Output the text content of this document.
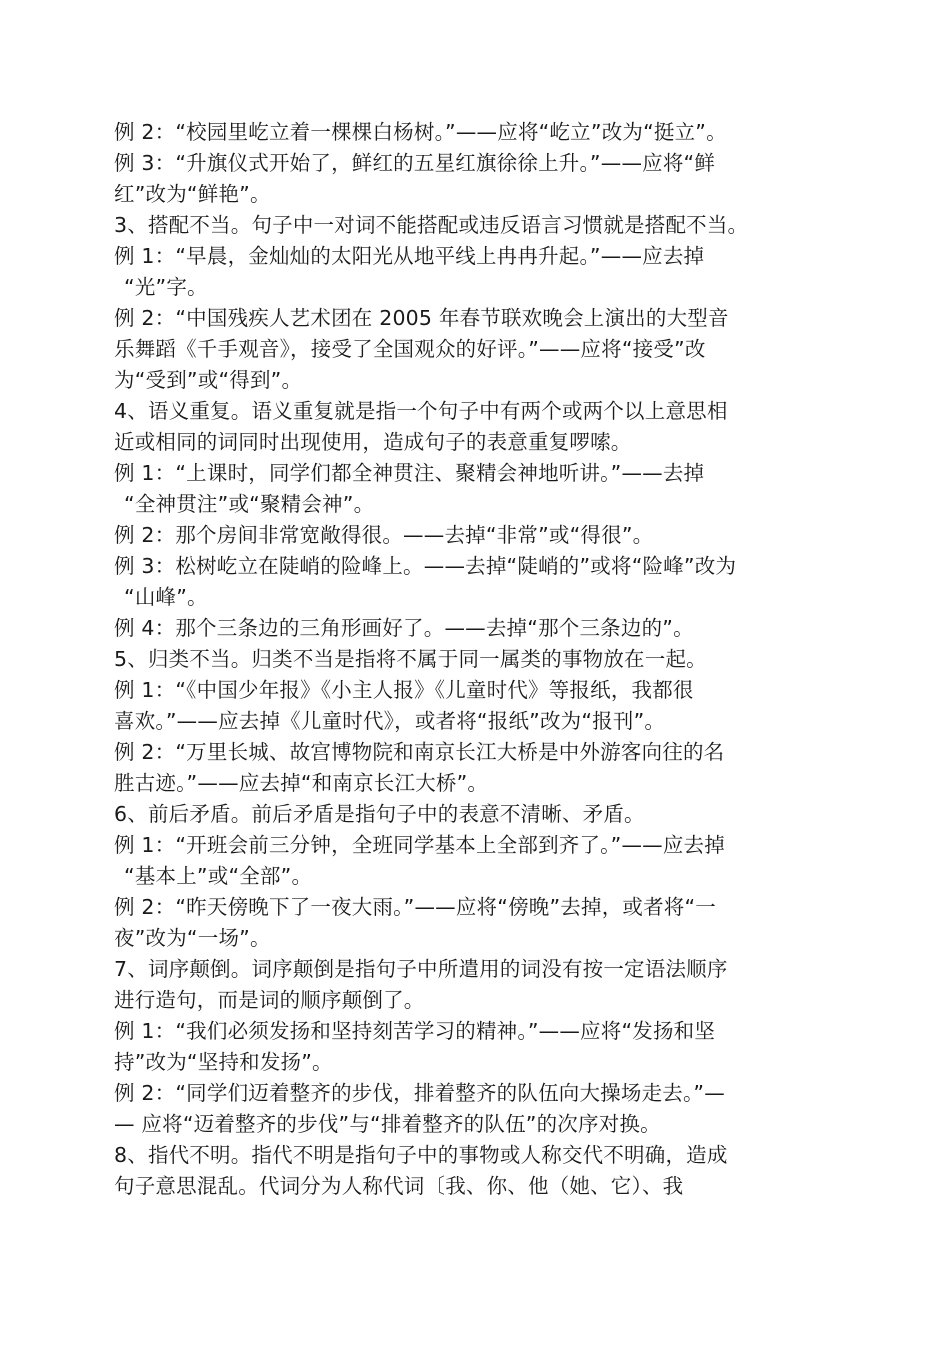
例 2：“校园里屹立着一棵棵白杨树。”——应将“屹立”改为“挺立”。
例 3：“升旗仪式开始了，鲜红的五星红旗徐徐上升。”——应将“鲜
红”改为“鲜艳”。
3、搭配不当。句子中一对词不能搭配或违反语言习惯就是搭配不当。
例 1：“早晨，金灿灿的太阳光从地平线上冉冉升起。”——应去掉
“光”字。
例 2：“中国残疾人艺术团在 2005 年春节联欢晚会上演出的大型音
乐舞蹈《千手观音》，接受了全国观众的好评。”——应将“接受”改
为“受到”或“得到”。
4、语义重复。语义重复就是指一个句子中有两个或两个以上意思相
近或相同的词同时出现使用，造成句子的表意重复啰嗦。
例 1：“上课时，同学们都全神贯注、聚精会神地听讲。”——去掉
“全神贯注”或“聚精会神”。
例 2：那个房间非常宽敞得很。——去掉“非常”或“得很”。
例 3：松树屹立在陡峭的险峰上。——去掉“陡峭的”或将“险峰”改为
“山峰”。
例 4：那个三条边的三角形画好了。——去掉“那个三条边的”。
5、归类不当。归类不当是指将不属于同一属类的事物放在一起。
例 1：“《中国少年报》《小主人报》《儿童时代》等报纸，我都很
喜欢。”——应去掉《儿童时代》，或者将“报纸”改为“报刊”。
例 2：“万里长城、故宫博物院和南京长江大桥是中外游客向往的名
胜古迹。”——应去掉“和南京长江大桥”。
6、前后矛盾。前后矛盾是指句子中的表意不清晰、矛盾。
例 1：“开班会前三分钟，全班同学基本上全部到齐了。”——应去掉
“基本上”或“全部”。
例 2：“昨天傍晚下了一夜大雨。”——应将“傍晚”去掉，或者将“一
夜”改为“一场”。
7、词序颠倒。词序颠倒是指句子中所遣用的词没有按一定语法顺序
进行造句，而是词的顺序颠倒了。
例 1：“我们必须发扬和坚持刻苦学习的精神。”——应将“发扬和坚
持”改为“坚持和发扬”。
例 2：“同学们迈着整齐的步伐，排着整齐的队伍向大操场走去。”—
— 应将“迈着整齐的步伐”与“排着整齐的队伍”的次序对换。
8、指代不明。指代不明是指句子中的事物或人称交代不明确，造成
句子意思混乱。代词分为人称代词〔我、你、他（她、它）、我
